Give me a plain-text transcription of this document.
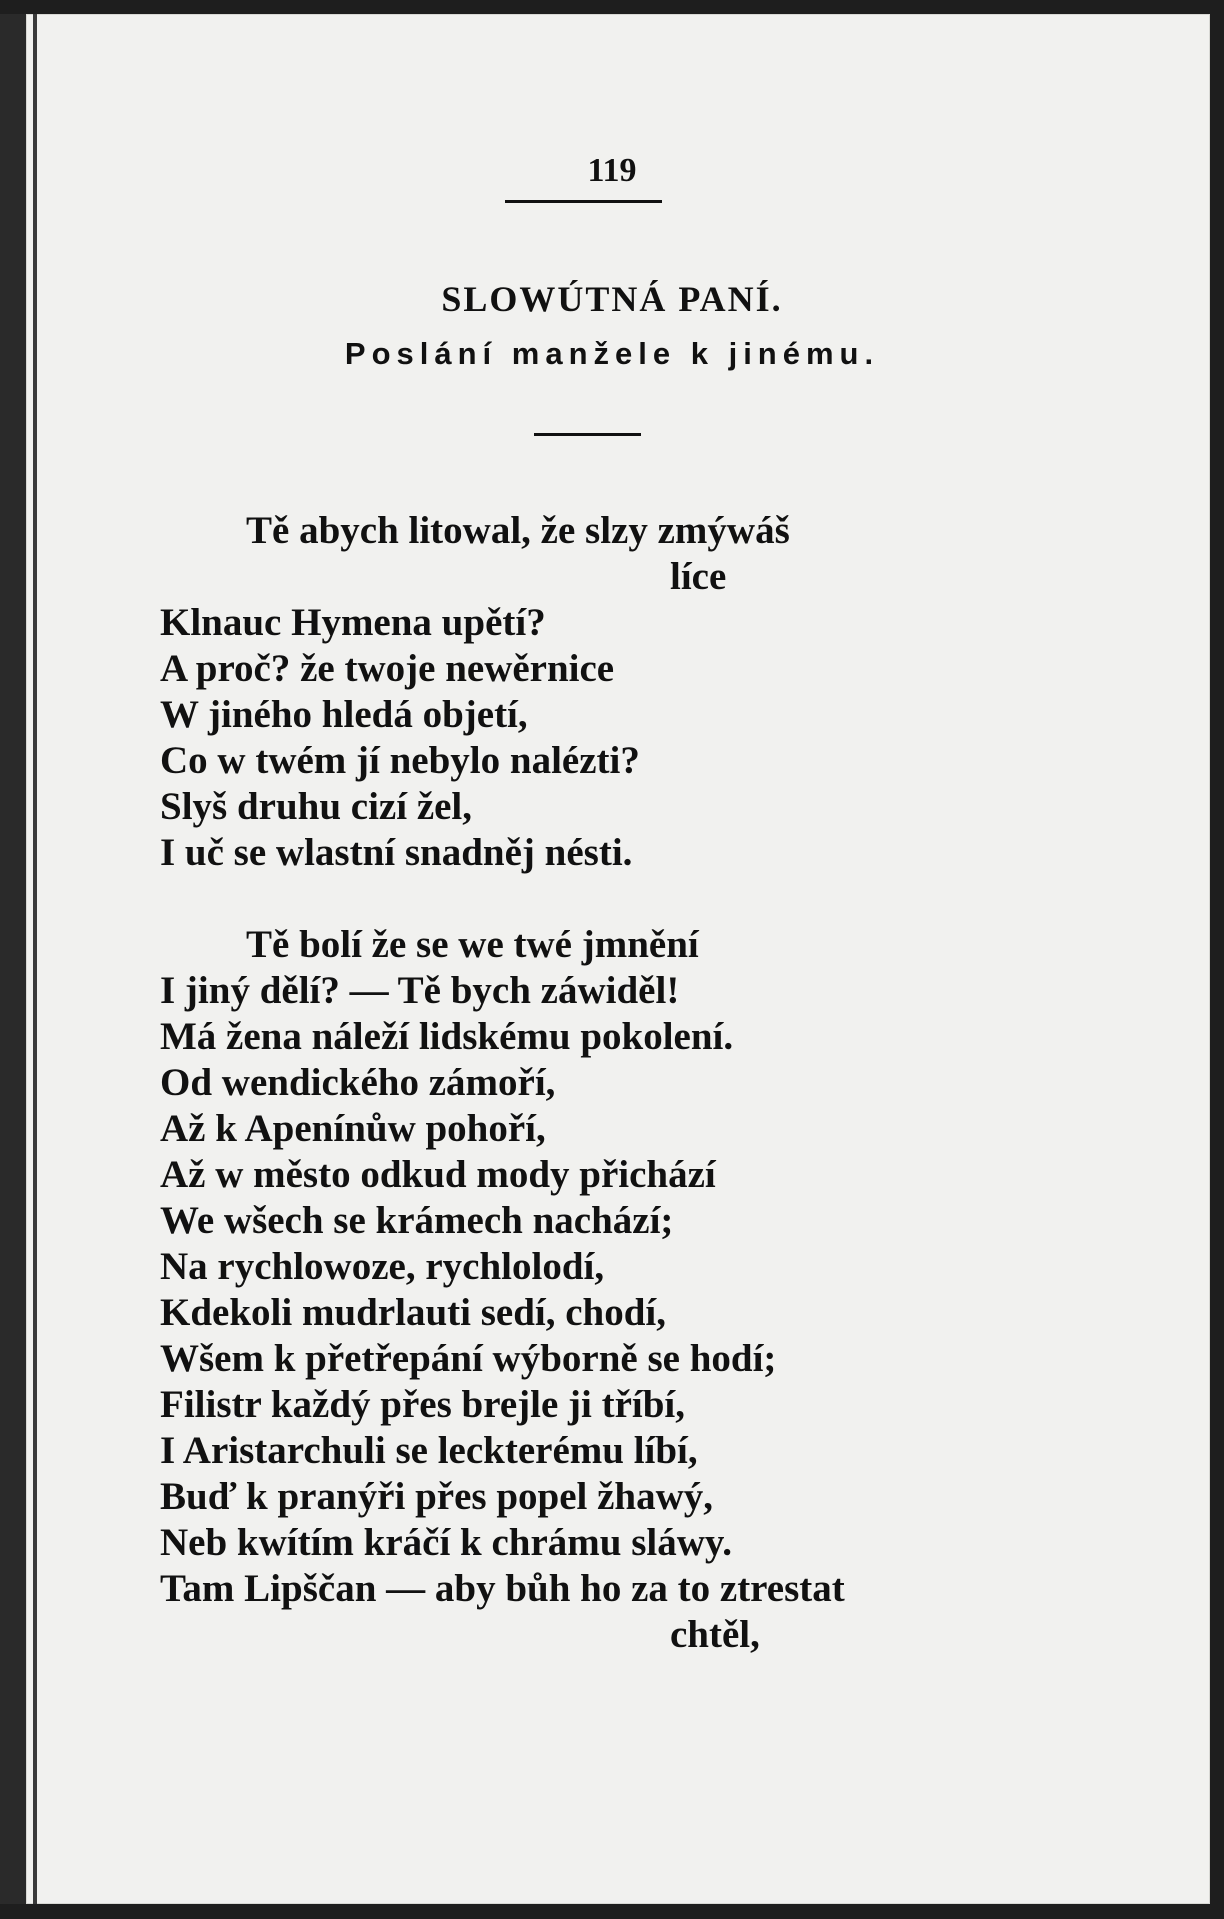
119
SLOWÚTNÁ PANÍ.
Poslání manžele k jinému.
Tě abych litowal, že slzy zmýwáš
líce
Klnauc Hymena upětí?
A proč? že twoje newěrnice
W jiného hledá objetí,
Co w twém jí nebylo nalézti?
Slyš druhu cizí žel,
I uč se wlastní snadněj nésti.
Tě bolí že se we twé jmnění
I jiný dělí? — Tě bych záwiděl!
Má žena náleží lidskému pokolení.
Od wendického zámoří,
Až k Apenínůw pohoří,
Až w město odkud mody přichází
We wšech se krámech nachází;
Na rychlowoze, rychlolodí,
Kdekoli mudrlauti sedí, chodí,
Wšem k přetřepání wýborně se hodí;
Filistr každý přes brejle ji tříbí,
I Aristarchuli se leckterému líbí,
Buď k pranýři přes popel žhawý,
Neb kwítím kráčí k chrámu sláwy.
Tam Lipščan — aby bůh ho za to ztrestat
chtěl,
